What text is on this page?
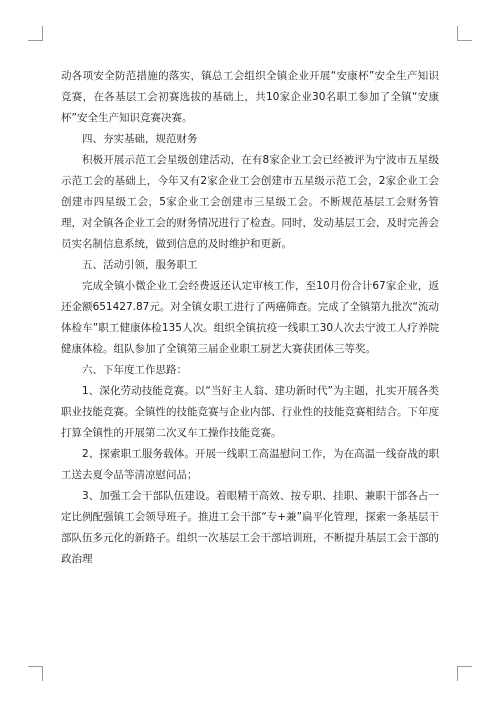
动各项安全防范措施的落实，镇总工会组织全镇企业开展“安康杯”安全生产知识竞赛，在各基层工会初赛选拔的基础上，共10家企业30名职工参加了全镇“安康杯”安全生产知识竞赛决赛。

四、夯实基础，规范财务

积极开展示范工会星级创建活动，在有8家企业工会已经被评为宁波市五星级示范工会的基础上，今年又有2家企业工会创建市五星级示范工会，2家企业工会创建市四星级工会，5家企业工会创建市三星级工会。不断规范基层工会财务管理，对全镇各企业工会的财务情况进行了检查。同时，发动基层工会，及时完善会员实名制信息系统，做到信息的及时维护和更新。

五、活动引领，服务职工

完成全镇小微企业工会经费返还认定审核工作，至10月份合计67家企业，返还金额651427.87元。对全镇女职工进行了两癌筛查。完成了全镇第九批次“流动体检车”职工健康体检135人次。组织全镇抗疫一线职工30人次去宁波工人疗养院健康体检。组队参加了全镇第三届企业职工厨艺大赛获团体三等奖。

六、下年度工作思路：

1、深化劳动技能竞赛。以“当好主人翁、建功新时代”为主题，扎实开展各类职业技能竞赛。全镇性的技能竞赛与企业内部、行业性的技能竞赛相结合。下年度打算全镇性的开展第二次叉车工操作技能竞赛。

2、探索职工服务载体。开展一线职工高温慰问工作，为在高温一线奋战的职工送去夏令品等清凉慰问品；

3、加强工会干部队伍建设。着眼精干高效、按专职、挂职、兼职干部各占一定比例配强镇工会领导班子。推进工会干部“专+兼”扁平化管理，探索一条基层干部队伍多元化的新路子。组织一次基层工会干部培训班，不断提升基层工会干部的政治理
